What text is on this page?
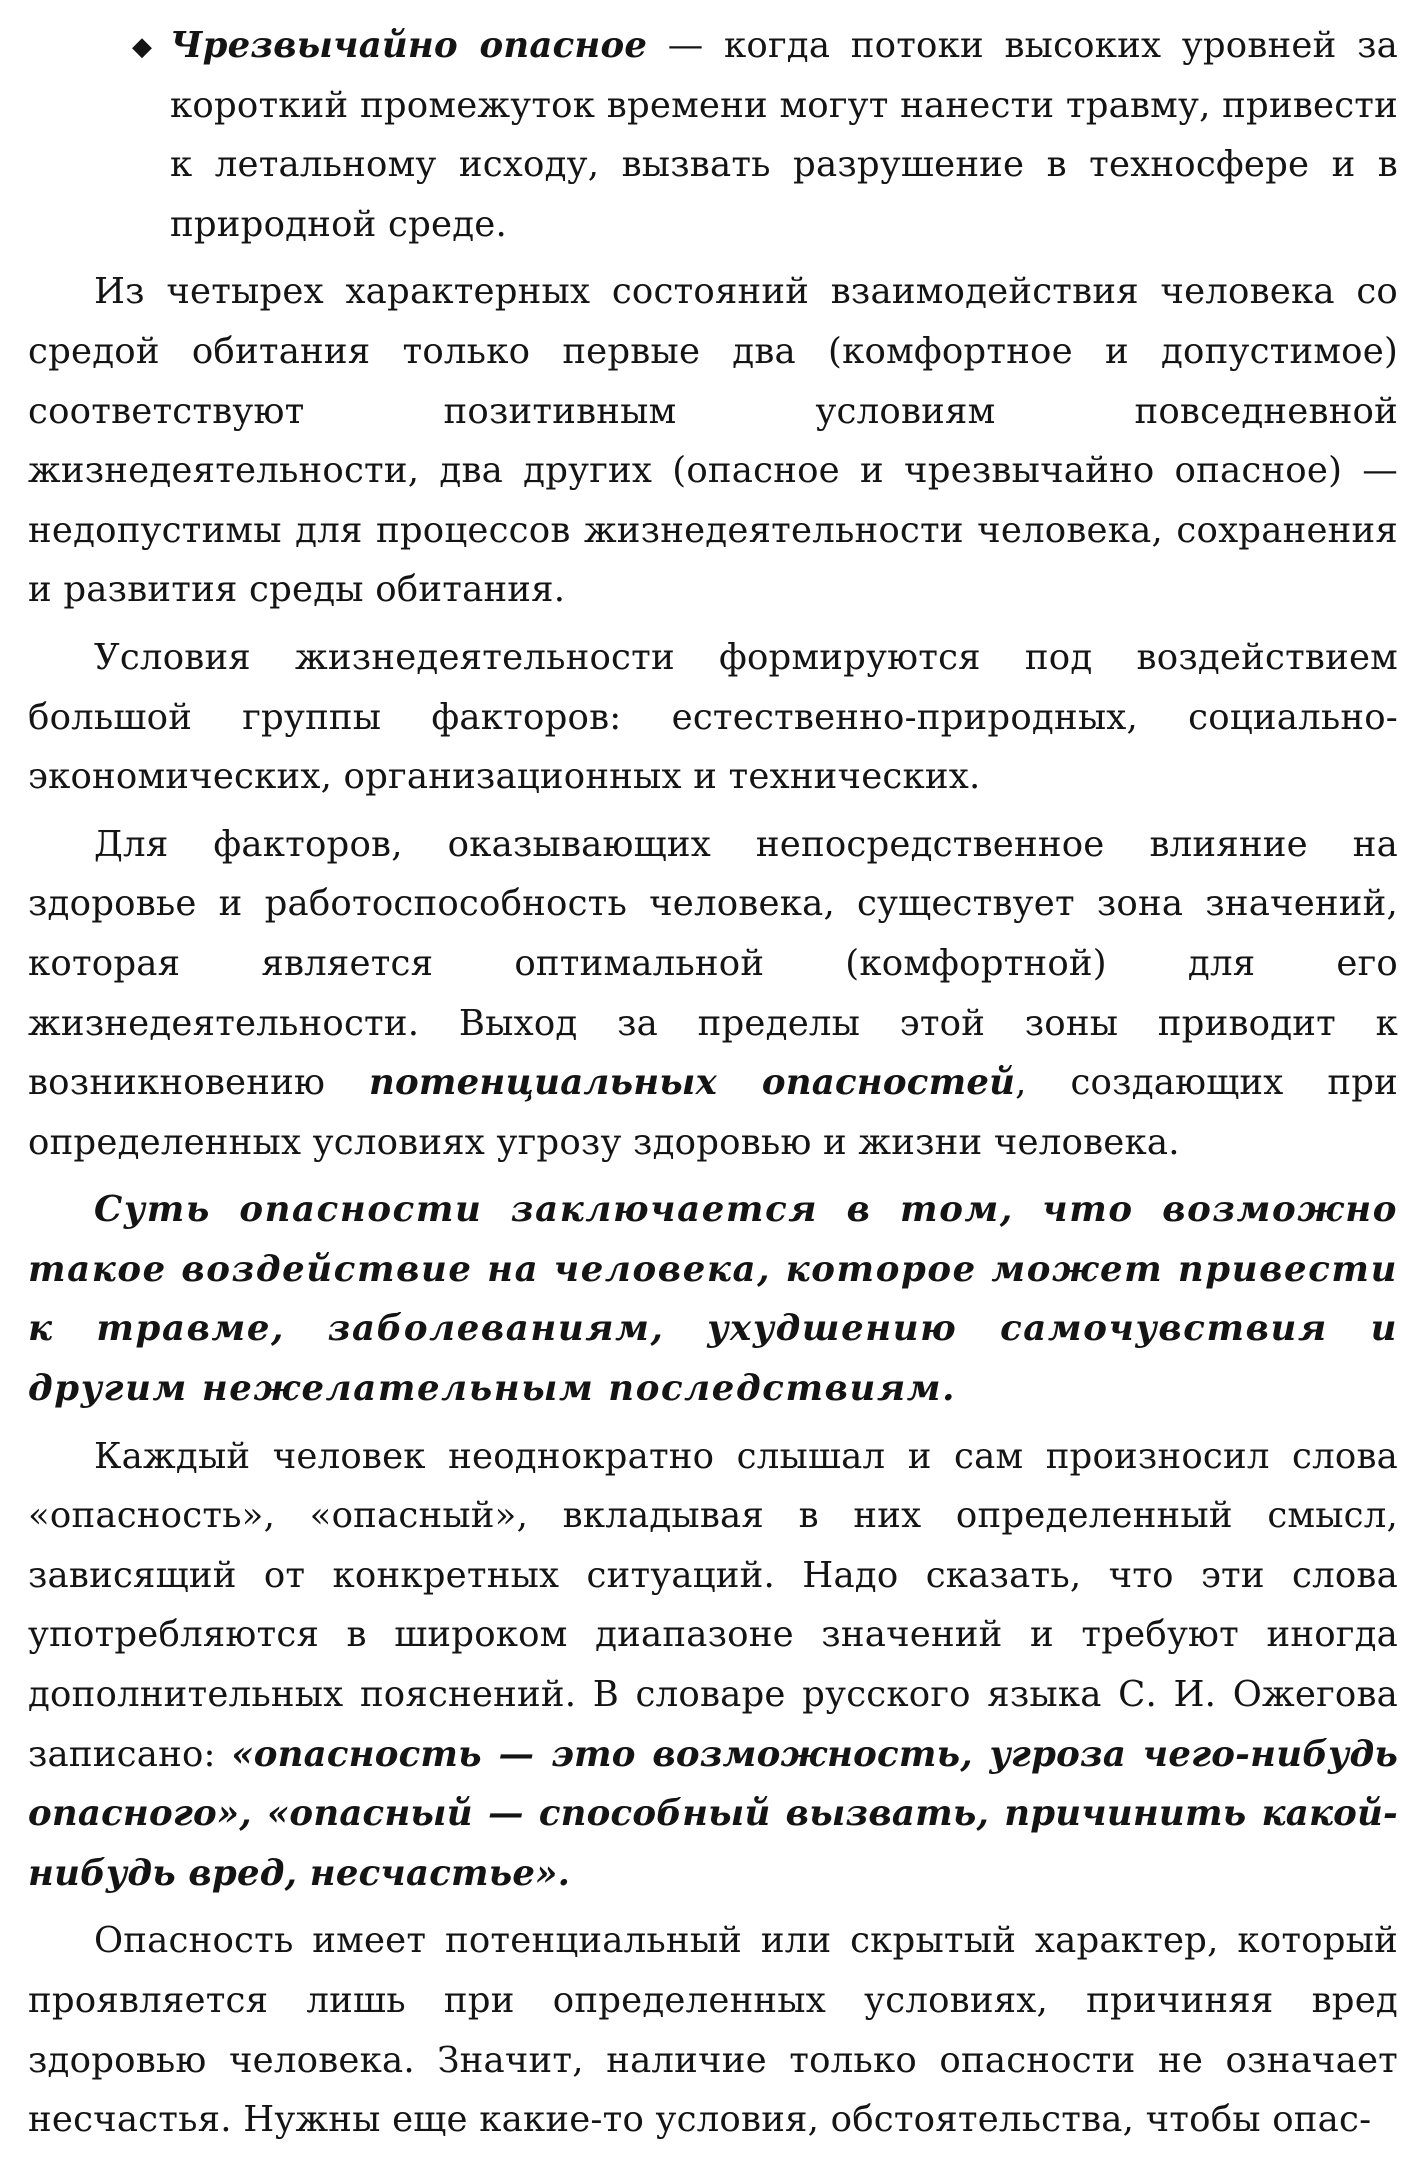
◆ Чрезвычайно опасное — когда потоки высоких уровней за короткий промежуток времени могут нанести травму, привести к летальному исходу, вызвать разрушение в техносфере и в природной среде.

Из четырех характерных состояний взаимодействия человека со средой обитания только первые два (комфортное и допустимое) соответствуют позитивным условиям повседневной жизнедеятельности, два других (опасное и чрезвычайно опасное) — недопустимы для процессов жизнедеятельности человека, сохранения и развития среды обитания.

Условия жизнедеятельности формируются под воздействием большой группы факторов: естественно-природных, социально-экономических, организационных и технических.

Для факторов, оказывающих непосредственное влияние на здоровье и работоспособность человека, существует зона значений, которая является оптимальной (комфортной) для его жизнедеятельности. Выход за пределы этой зоны приводит к возникновению потенциальных опасностей, создающих при определенных условиях угрозу здоровью и жизни человека.

Суть опасности заключается в том, что возможно такое воздействие на человека, которое может привести к травме, заболеваниям, ухудшению самочувствия и другим нежелательным последствиям.

Каждый человек неоднократно слышал и сам произносил слова «опасность», «опасный», вкладывая в них определенный смысл, зависящий от конкретных ситуаций. Надо сказать, что эти слова употребляются в широком диапазоне значений и требуют иногда дополнительных пояснений. В словаре русского языка С. И. Ожегова записано: «опасность — это возможность, угроза чего-нибудь опасного», «опасный — способный вызвать, причинить какой-нибудь вред, несчастье».

Опасность имеет потенциальный или скрытый характер, который проявляется лишь при определенных условиях, причиняя вред здоровью человека. Значит, наличие только опасности не означает несчастья. Нужны еще какие-то условия, обстоятельства, чтобы опас-
